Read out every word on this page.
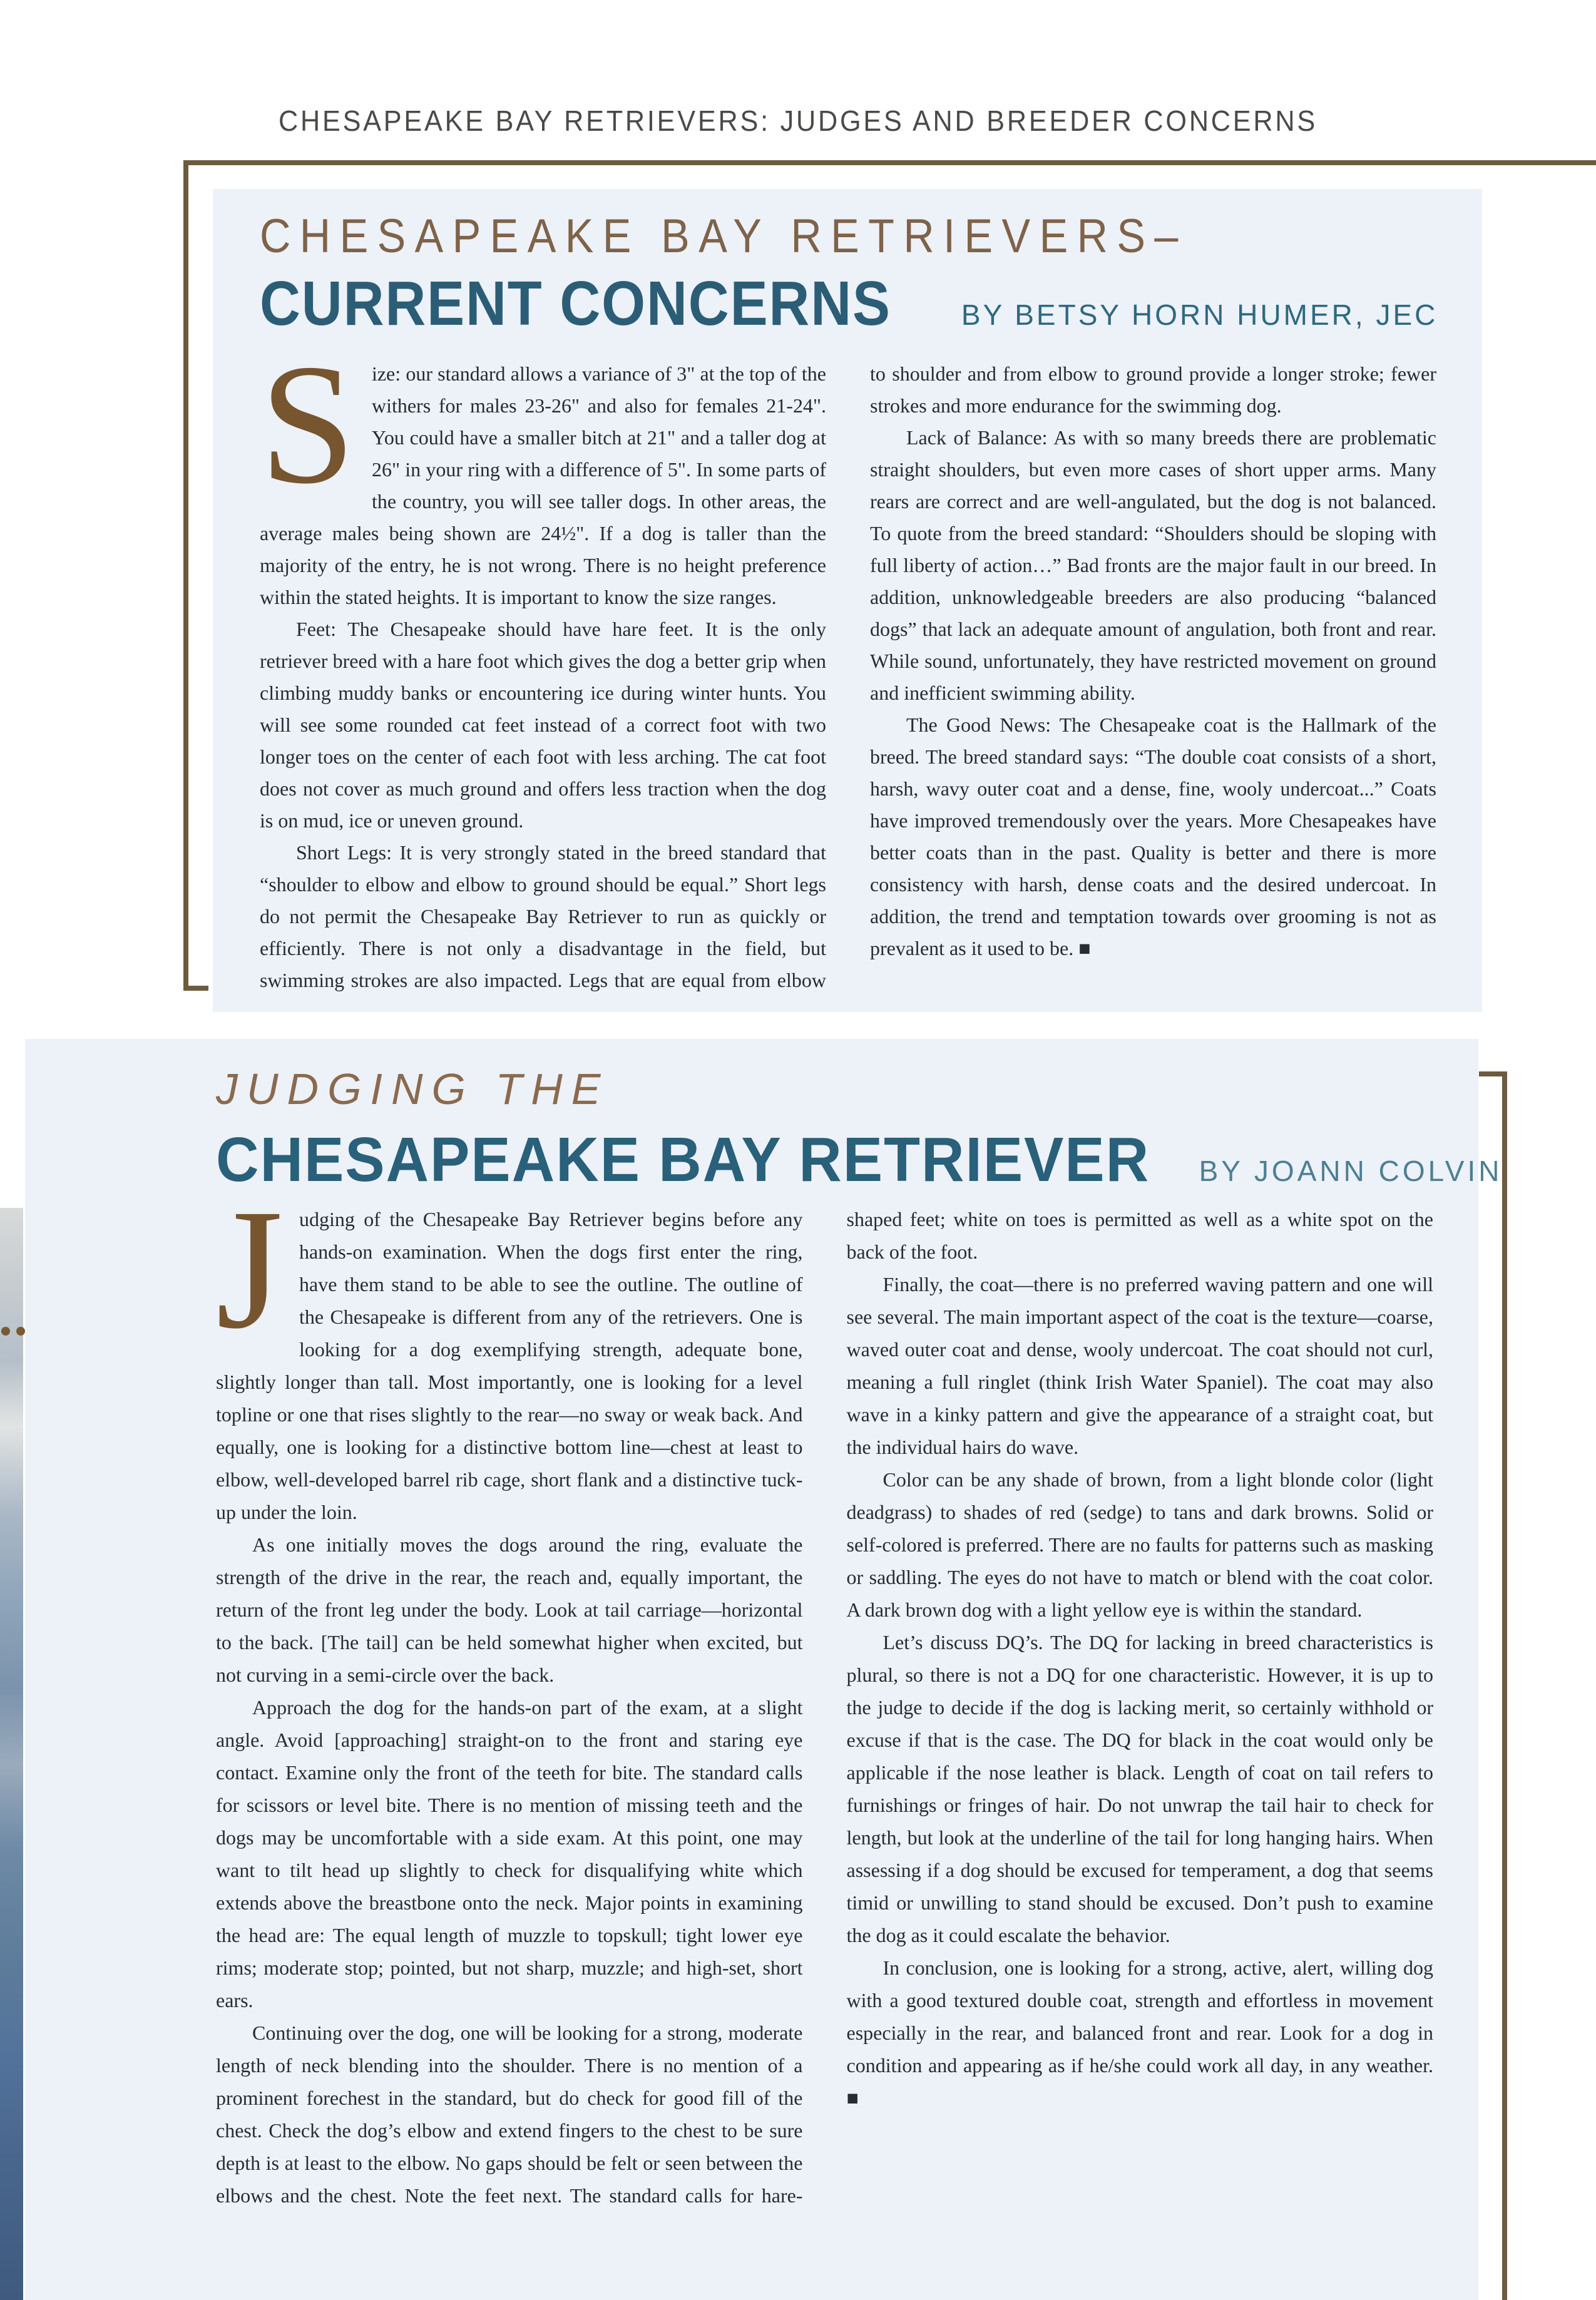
CHESAPEAKE BAY RETRIEVERS: JUDGES AND BREEDER CONCERNS
CHESAPEAKE BAY RETRIEVERS–
CURRENT CONCERNS BY BETSY HORN HUMER, JEC

Size: our standard allows a variance of 3" at the top of the withers for males 23-26" and also for females 21-24". You could have a smaller bitch at 21" and a taller dog at 26" in your ring with a difference of 5". In some parts of the country, you will see taller dogs. In other areas, the average males being shown are 24½". If a dog is taller than the majority of the entry, he is not wrong. There is no height preference within the stated heights. It is important to know the size ranges.

Feet: The Chesapeake should have hare feet. It is the only retriever breed with a hare foot which gives the dog a better grip when climbing muddy banks or encountering ice during winter hunts. You will see some rounded cat feet instead of a correct foot with two longer toes on the center of each foot with less arching. The cat foot does not cover as much ground and offers less traction when the dog is on mud, ice or uneven ground.

Short Legs: It is very strongly stated in the breed standard that “shoulder to elbow and elbow to ground should be equal.” Short legs do not permit the Chesapeake Bay Retriever to run as quickly or efficiently. There is not only a disadvantage in the field, but swimming strokes are also impacted. Legs that are equal from elbow to shoulder and from elbow to ground provide a longer stroke; fewer strokes and more endurance for the swimming dog.

Lack of Balance: As with so many breeds there are problematic straight shoulders, but even more cases of short upper arms. Many rears are correct and are well-angulated, but the dog is not balanced. To quote from the breed standard: “Shoulders should be sloping with full liberty of action…” Bad fronts are the major fault in our breed. In addition, unknowledgeable breeders are also producing “balanced dogs” that lack an adequate amount of angulation, both front and rear. While sound, unfortunately, they have restricted movement on ground and inefficient swimming ability.

The Good News: The Chesapeake coat is the Hallmark of the breed. The breed standard says: “The double coat consists of a short, harsh, wavy outer coat and a dense, fine, wooly undercoat...” Coats have improved tremendously over the years. More Chesapeakes have better coats than in the past. Quality is better and there is more consistency with harsh, dense coats and the desired undercoat. In addition, the trend and temptation towards over grooming is not as prevalent as it used to be. ■

JUDGING THE
CHESAPEAKE BAY RETRIEVER BY JOANN COLVIN

Judging of the Chesapeake Bay Retriever begins before any hands-on examination. When the dogs first enter the ring, have them stand to be able to see the outline. The outline of the Chesapeake is different from any of the retrievers. One is looking for a dog exemplifying strength, adequate bone, slightly longer than tall. Most importantly, one is looking for a level topline or one that rises slightly to the rear—no sway or weak back. And equally, one is looking for a distinctive bottom line—chest at least to elbow, well-developed barrel rib cage, short flank and a distinctive tuck-up under the loin.

As one initially moves the dogs around the ring, evaluate the strength of the drive in the rear, the reach and, equally important, the return of the front leg under the body. Look at tail carriage—horizontal to the back. [The tail] can be held somewhat higher when excited, but not curving in a semi-circle over the back.

Approach the dog for the hands-on part of the exam, at a slight angle. Avoid [approaching] straight-on to the front and staring eye contact. Examine only the front of the teeth for bite. The standard calls for scissors or level bite. There is no mention of missing teeth and the dogs may be uncomfortable with a side exam. At this point, one may want to tilt head up slightly to check for disqualifying white which extends above the breastbone onto the neck. Major points in examining the head are: The equal length of muzzle to topskull; tight lower eye rims; moderate stop; pointed, but not sharp, muzzle; and high-set, short ears.

Continuing over the dog, one will be looking for a strong, moderate length of neck blending into the shoulder. There is no mention of a prominent forechest in the standard, but do check for good fill of the chest. Check the dog’s elbow and extend fingers to the chest to be sure depth is at least to the elbow. No gaps should be felt or seen between the elbows and the chest. Note the feet next. The standard calls for hare-shaped feet; white on toes is permitted as well as a white spot on the back of the foot.

Finally, the coat—there is no preferred waving pattern and one will see several. The main important aspect of the coat is the texture—coarse, waved outer coat and dense, wooly undercoat. The coat should not curl, meaning a full ringlet (think Irish Water Spaniel). The coat may also wave in a kinky pattern and give the appearance of a straight coat, but the individual hairs do wave.

Color can be any shade of brown, from a light blonde color (light deadgrass) to shades of red (sedge) to tans and dark browns. Solid or self-colored is preferred. There are no faults for patterns such as masking or saddling. The eyes do not have to match or blend with the coat color. A dark brown dog with a light yellow eye is within the standard.

Let’s discuss DQ’s. The DQ for lacking in breed characteristics is plural, so there is not a DQ for one characteristic. However, it is up to the judge to decide if the dog is lacking merit, so certainly withhold or excuse if that is the case. The DQ for black in the coat would only be applicable if the nose leather is black. Length of coat on tail refers to furnishings or fringes of hair. Do not unwrap the tail hair to check for length, but look at the underline of the tail for long hanging hairs. When assessing if a dog should be excused for temperament, a dog that seems timid or unwilling to stand should be excused. Don’t push to examine the dog as it could escalate the behavior.

In conclusion, one is looking for a strong, active, alert, willing dog with a good textured double coat, strength and effortless in movement especially in the rear, and balanced front and rear. Look for a dog in condition and appearing as if he/she could work all day, in any weather. ■
